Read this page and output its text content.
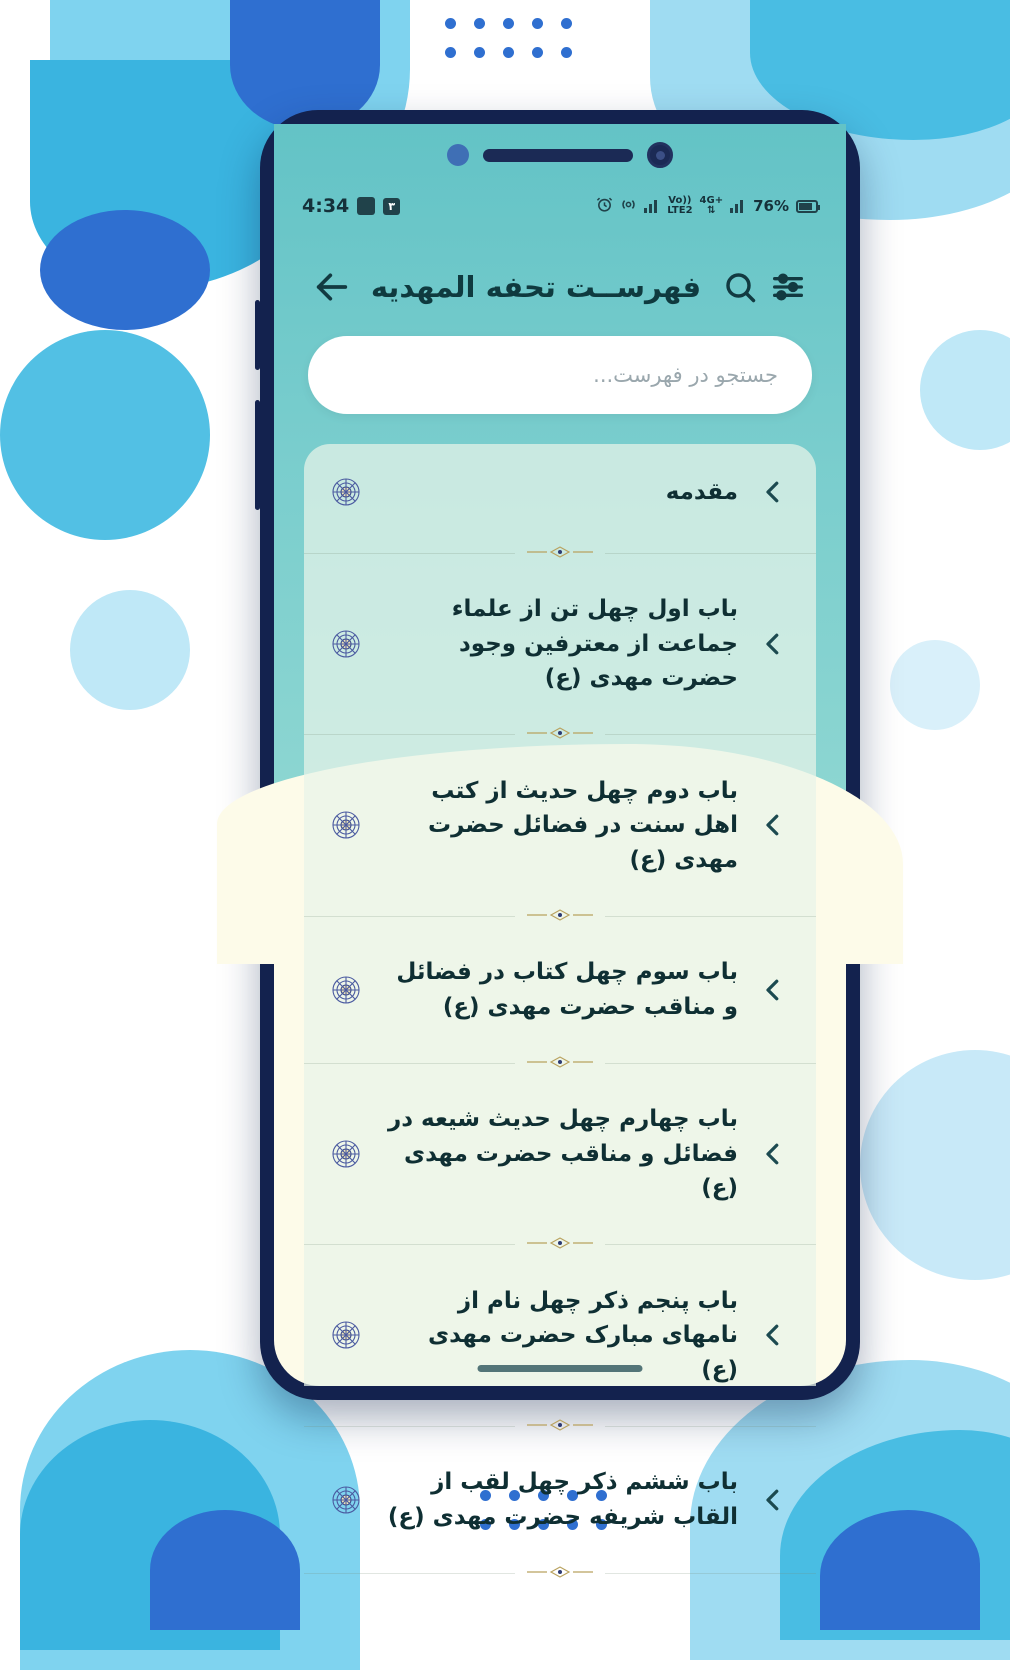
4:34	۳	Vo))
LTE2
4G+
⇅	76%
فهرســت تحفه المهدیه
جستجو در فهرست...
مقدمه
باب اول چهل تن از علماء جماعت از معترفین وجود حضرت مهدی (ع)
باب دوم چهل حدیث از کتب اهل سنت در فضائل حضرت مهدی (ع)
باب سوم چهل کتاب در فضائل و مناقب حضرت مهدی (ع)
باب چهارم چهل حدیث شیعه در فضائل و مناقب حضرت مهدی (ع)
باب پنجم ذکر چهل نام از نامهای مبارک حضرت مهدی (ع)
باب ششم ذکر چهل لقب از القاب شریفه حضرت مهدی (ع)
